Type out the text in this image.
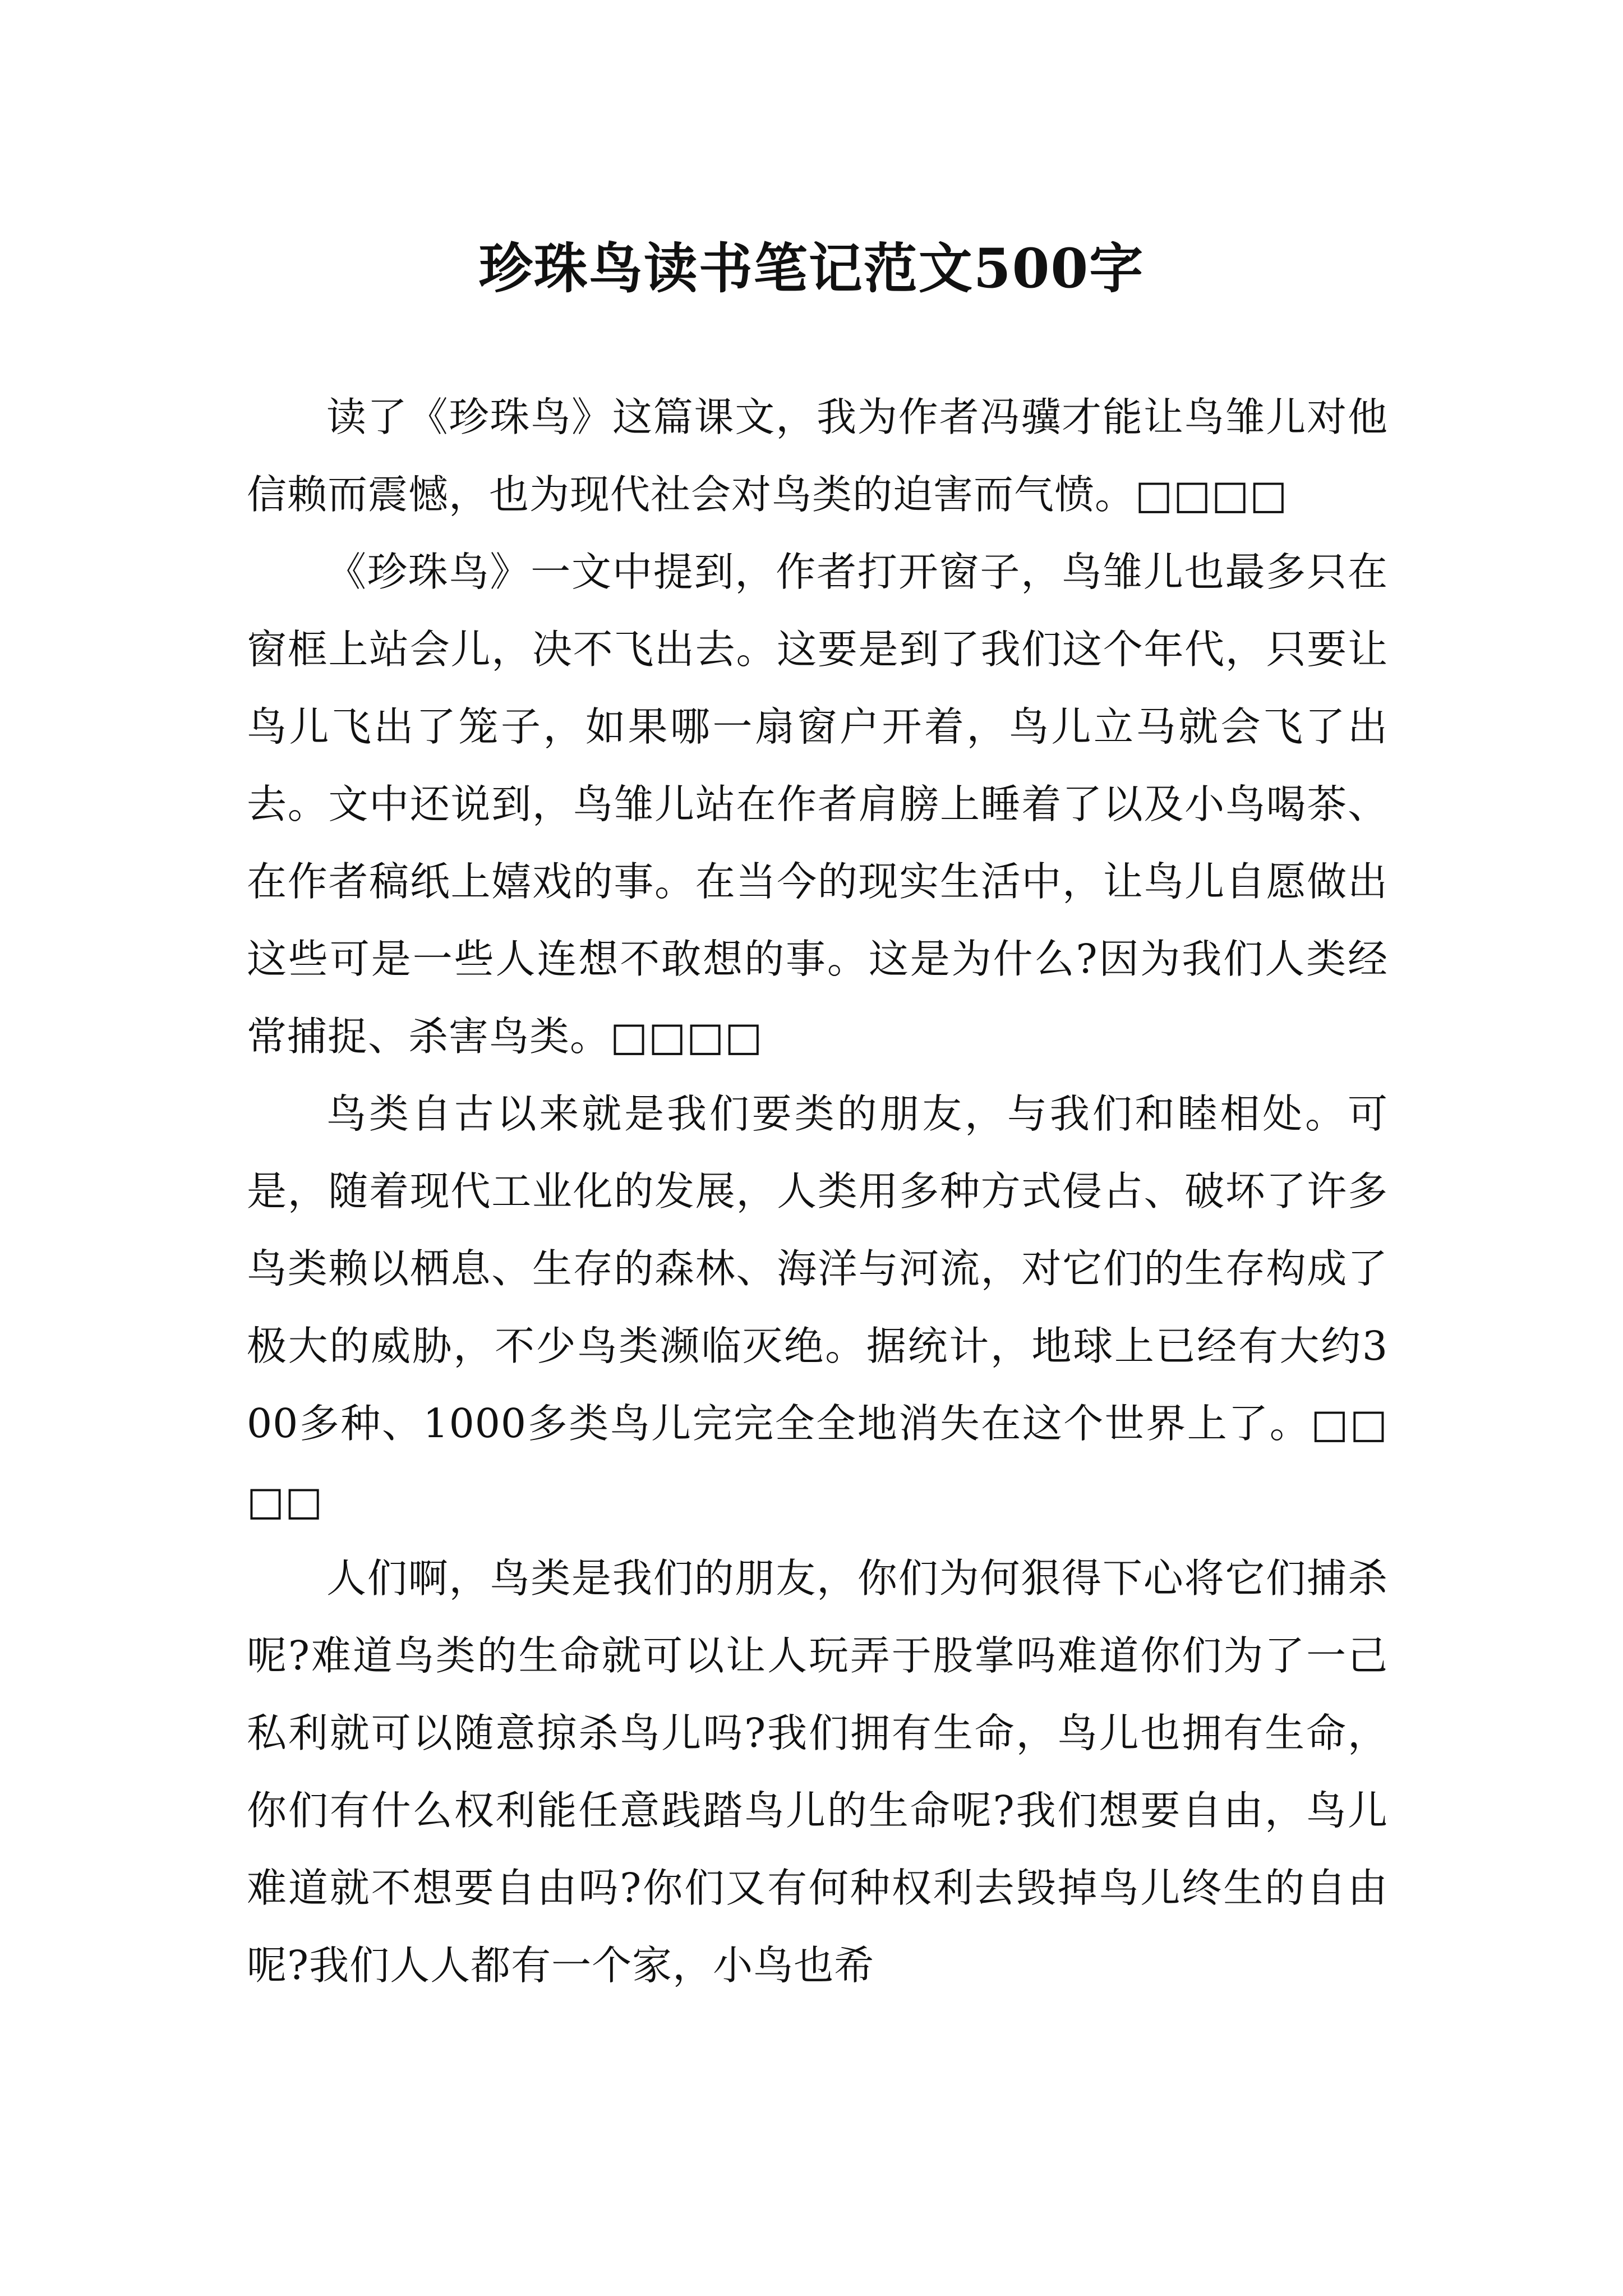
珍珠鸟读书笔记范文500字

读了《珍珠鸟》这篇课文，我为作者冯骥才能让鸟雏儿对他信赖而震憾，也为现代社会对鸟类的迫害而气愤。□□□□

《珍珠鸟》一文中提到，作者打开窗子，鸟雏儿也最多只在窗框上站会儿，决不飞出去。这要是到了我们这个年代，只要让鸟儿飞出了笼子，如果哪一扇窗户开着，鸟儿立马就会飞了出去。文中还说到，鸟雏儿站在作者肩膀上睡着了以及小鸟喝茶、在作者稿纸上嬉戏的事。在当今的现实生活中，让鸟儿自愿做出这些可是一些人连想不敢想的事。这是为什么?因为我们人类经常捕捉、杀害鸟类。□□□□

鸟类自古以来就是我们要类的朋友，与我们和睦相处。可是，随着现代工业化的发展，人类用多种方式侵占、破坏了许多鸟类赖以栖息、生存的森林、海洋与河流，对它们的生存构成了极大的威胁，不少鸟类濒临灭绝。据统计，地球上已经有大约300多种、1000多类鸟儿完完全全地消失在这个世界上了。□□□□

人们啊，鸟类是我们的朋友，你们为何狠得下心将它们捕杀呢?难道鸟类的生命就可以让人玩弄于股掌吗难道你们为了一己私利就可以随意掠杀鸟儿吗?我们拥有生命，鸟儿也拥有生命，你们有什么权利能任意践踏鸟儿的生命呢?我们想要自由，鸟儿难道就不想要自由吗?你们又有何种权利去毁掉鸟儿终生的自由呢?我们人人都有一个家，小鸟也希
